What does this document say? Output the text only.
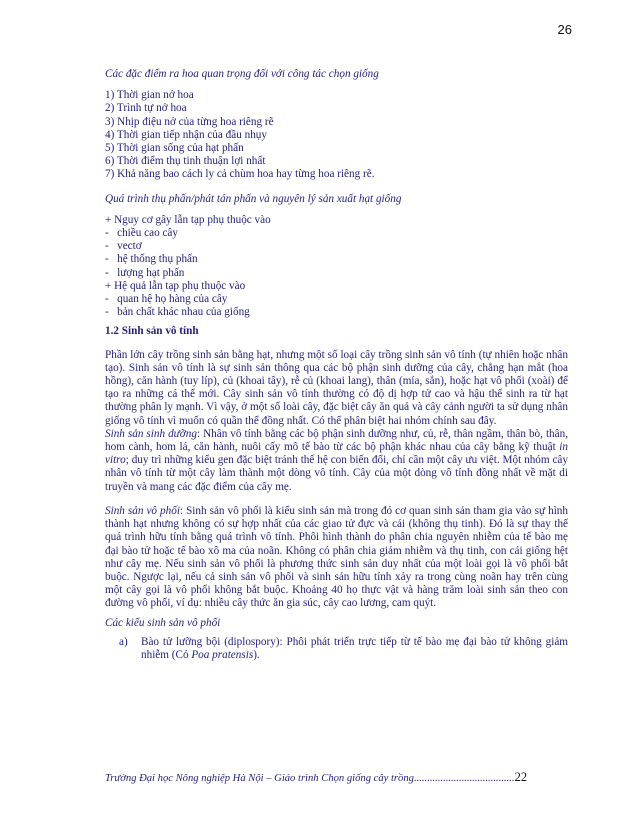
26

Các đặc điểm ra hoa quan trọng đối với công tác chọn giống

1) Thời gian nở hoa
2) Trình tự nở hoa
3) Nhịp điệu nở của từng hoa riêng rẽ
4) Thời gian tiếp nhận của đầu nhụy
5) Thời gian sống của hạt phấn
6) Thời điểm thụ tinh thuận lợi nhất
7) Khả năng bao cách ly cả chùm hoa hay từng hoa riêng rẽ.

Quá trình thụ phấn/phát tán phấn và nguyên lý sản xuất hạt giống

+ Nguy cơ gây lẫn tạp phụ thuộc vào
-   chiều cao cây
-   vectơ
-   hệ thống thụ phấn
-   lượng hạt phấn
+ Hệ quả lẫn tạp phụ thuộc vào
-   quan hệ họ hàng của cây
-   bản chất khác nhau của giống

1.2 Sinh sản vô tính

Phần lớn cây trồng sinh sản bằng hạt, nhưng một số loại cây trồng sinh sản vô tính (tự nhiên hoặc nhân tạo). Sinh sản vô tính là sự sinh sản thông qua các bộ phận sinh dưỡng của cây, chẳng hạn mắt (hoa hồng), căn hành (tuy líp), củ (khoai tây), rễ củ (khoai lang), thân (mía, sắn), hoặc hạt vô phối (xoài) để tạo ra những cá thể mới. Cây sinh sản vô tính thường có độ dị hợp tử cao và hậu thế sinh ra từ hạt thường phân ly mạnh. Vì vậy, ở một số loài cây, đặc biệt cây ăn quả và cây cảnh người ta sử dụng nhân giống vô tính vì muốn có quần thể đồng nhất. Có thể phân biệt hai nhóm chính sau đây.

Sinh sản sinh dưỡng: Nhân vô tính bằng các bộ phận sinh dưỡng như, củ, rễ, thân ngầm, thân bò, thân, hom cành, hom lá, căn hành, nuôi cấy mô tế bào từ các bộ phận khác nhau của cây bằng kỹ thuật in vitro; duy trì những kiểu gen đặc biệt tránh thế hệ con biến đổi, chỉ cần một cây ưu việt. Một nhóm cây nhân vô tính từ một cây làm thành một dòng vô tính. Cây của một dòng vô tính đồng nhất về mặt di truyền và mang các đặc điểm của cây mẹ.

Sinh sản vô phối: Sinh sản vô phối là kiểu sinh sản mà trong đó cơ quan sinh sản tham gia vào sự hình thành hạt nhưng không có sự hợp nhất của các giao tử đực và cái (không thụ tinh). Đó là sự thay thế quá trình hữu tính bằng quá trình vô tính. Phôi hình thành do phân chia nguyên nhiễm của tế bào mẹ đại bào tử hoặc tế bào xô ma của noãn. Không có phân chia giảm nhiễm và thụ tinh, con cái giống hệt như cây mẹ. Nếu sinh sản vô phối là phương thức sinh sản duy nhất của một loài gọi là vô phối bắt buộc. Ngược lại, nếu cả sinh sản vô phối và sinh sản hữu tính xảy ra trong cùng noãn hay trên cùng một cây gọi là vô phối không bắt buộc. Khoảng 40 họ thực vật và hàng trăm loài sinh sản theo con đường vô phối, ví dụ: nhiều cây thức ăn gia súc, cây cao lương, cam quýt.

Các kiểu sinh sản vô phối

a)	Bào tử lưỡng bội (diplospory): Phôi phát triển trực tiếp từ tế bào mẹ đại bào tử không giảm nhiễm (Cỏ Poa pratensis).
Trường Đại học Nông nghiệp Hà Nội – Giáo trình Chọn giống cây trồng......................................22
